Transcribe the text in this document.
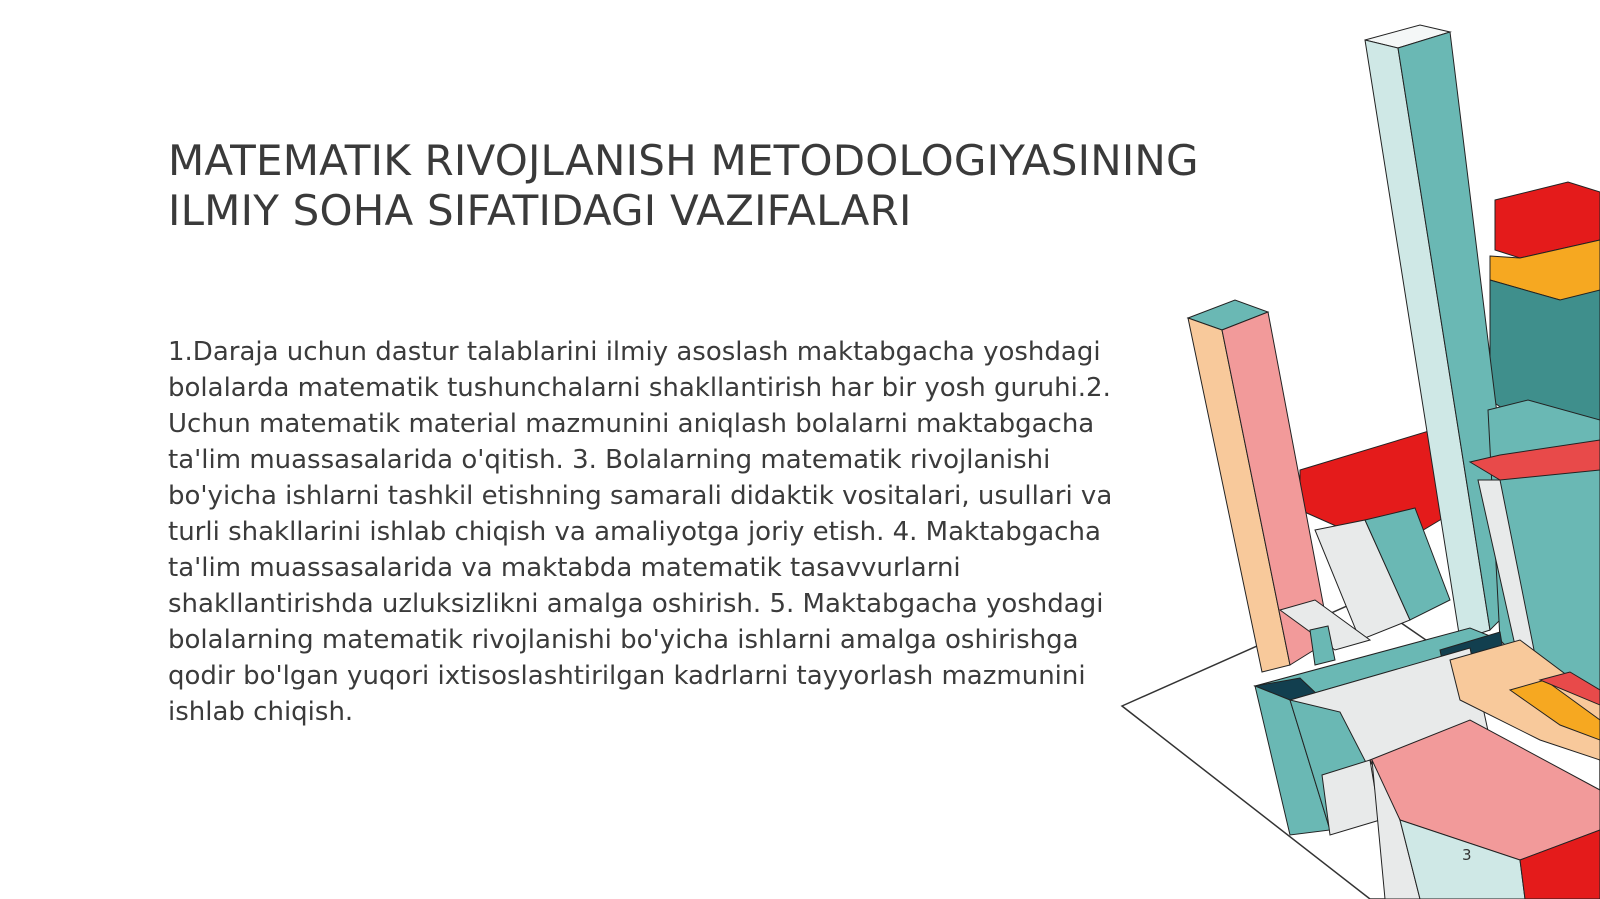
MATEMATIK RIVOJLANISH METODOLOGIYASINING
ILMIY SOHA SIFATIDAGI VAZIFALARI
1.Daraja uchun dastur talablarini ilmiy asoslash maktabgacha yoshdagi bolalarda matematik tushunchalarni shakllantirish har bir yosh guruhi.2. Uchun matematik material mazmunini aniqlash bolalarni maktabgacha ta'lim muassasalarida o'qitish. 3. Bolalarning matematik rivojlanishi bo'yicha ishlarni tashkil etishning samarali didaktik vositalari, usullari va turli shakllarini ishlab chiqish va amaliyotga joriy etish. 4. Maktabgacha ta'lim muassasalarida va maktabda matematik tasavvurlarni shakllantirishda uzluksizlikni amalga oshirish. 5. Maktabgacha yoshdagi bolalarning matematik rivojlanishi bo'yicha ishlarni amalga oshirishga qodir bo'lgan yuqori ixtisoslashtirilgan kadrlarni tayyorlash mazmunini ishlab chiqish.
3
